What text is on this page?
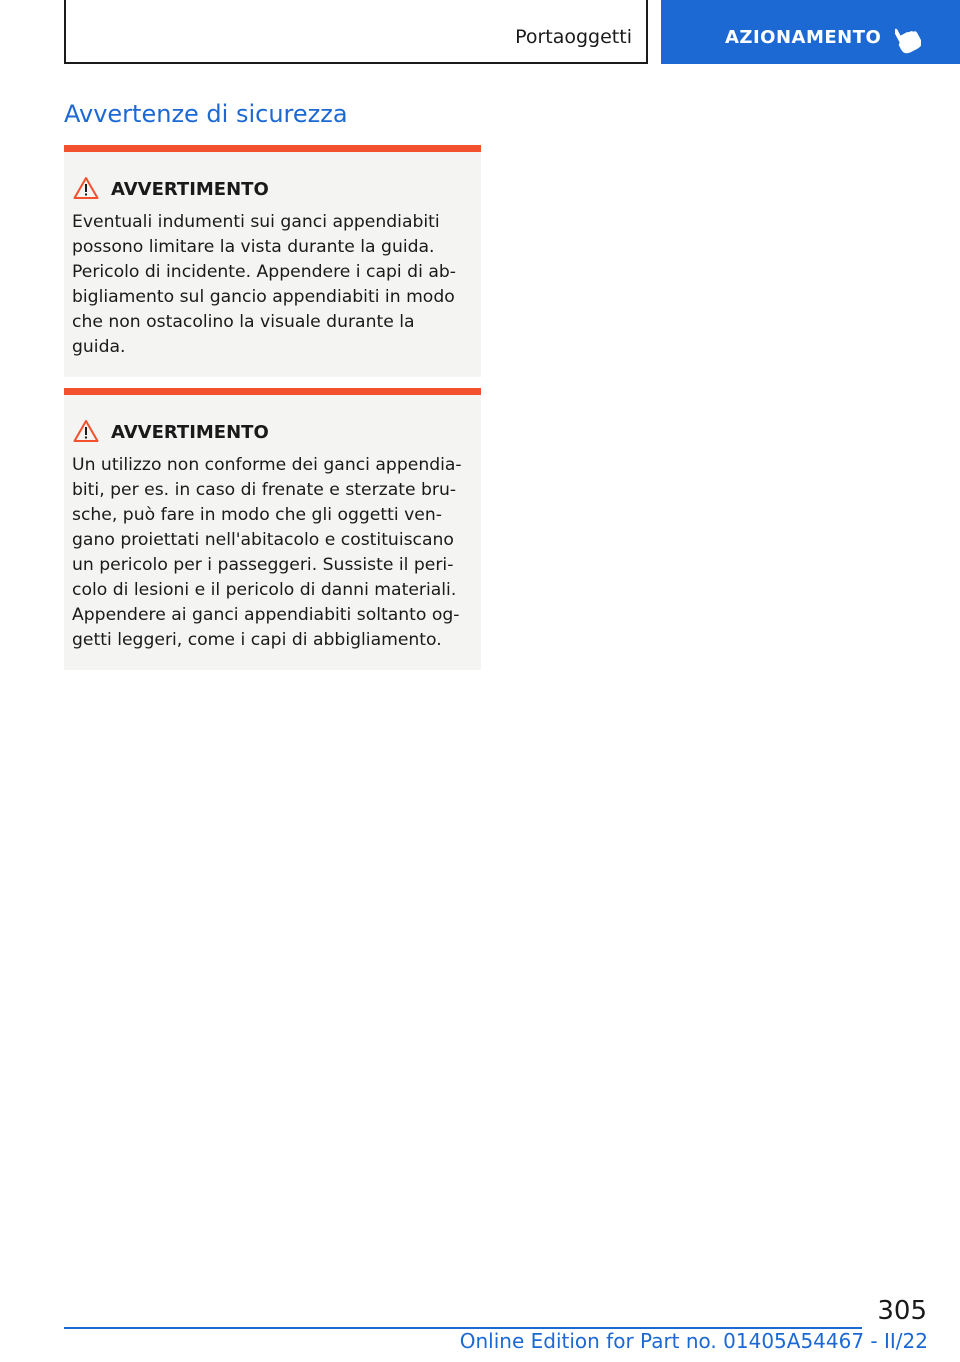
Portaoggetti	AZIONAMENTO
Avvertenze di sicurezza
AVVERTIMENTO
Eventuali indumenti sui ganci appendiabiti
possono limitare la vista durante la guida.
Pericolo di incidente. Appendere i capi di ab-
bigliamento sul gancio appendiabiti in modo
che non ostacolino la visuale durante la
guida.
AVVERTIMENTO
Un utilizzo non conforme dei ganci appendia-
biti, per es. in caso di frenate e sterzate bru-
sche, può fare in modo che gli oggetti ven-
gano proiettati nell'abitacolo e costituiscano
un pericolo per i passeggeri. Sussiste il peri-
colo di lesioni e il pericolo di danni materiali.
Appendere ai ganci appendiabiti soltanto og-
getti leggeri, come i capi di abbigliamento.
305
Online Edition for Part no. 01405A54467 - II/22
